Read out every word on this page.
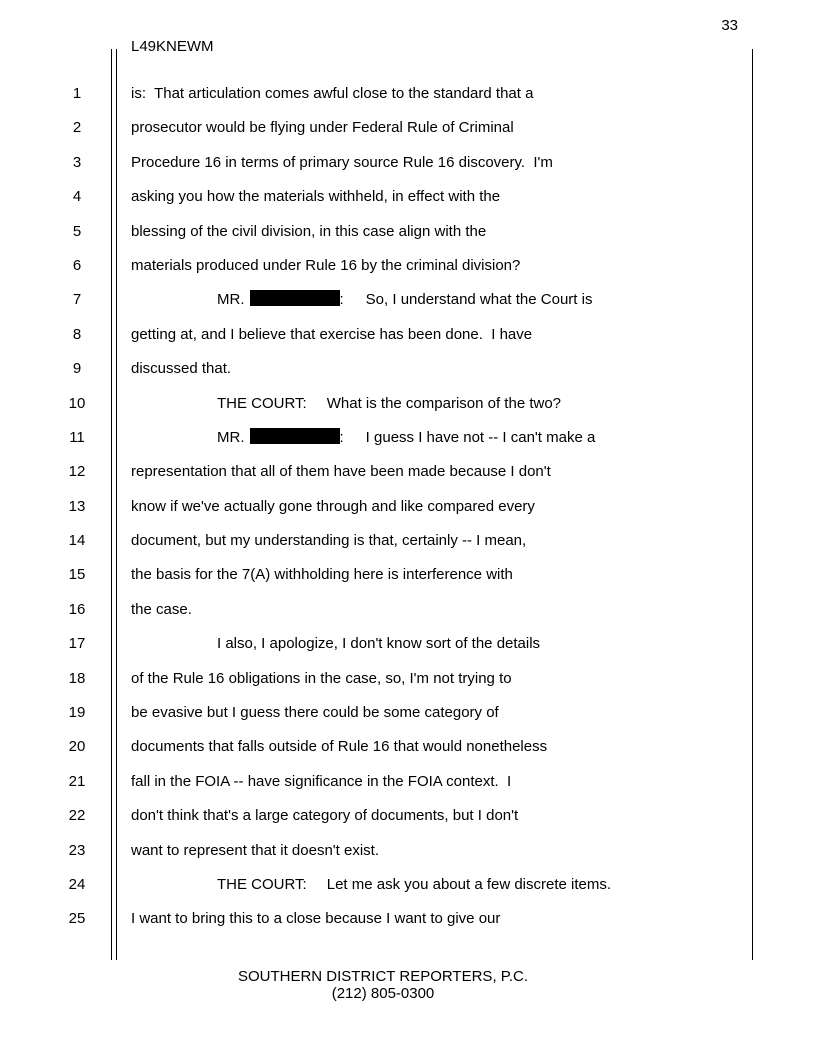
33
L49KNEWM
1	is:  That articulation comes awful close to the standard that a
2	prosecutor would be flying under Federal Rule of Criminal
3	Procedure 16 in terms of primary source Rule 16 discovery.  I'm
4	asking you how the materials withheld, in effect with the
5	blessing of the civil division, in this case align with the
6	materials produced under Rule 16 by the criminal division?
7	MR.	: So, I understand what the Court is
8	getting at, and I believe that exercise has been done.  I have
9	discussed that.
10	THE COURT: What is the comparison of the two?
11	MR.	: I guess I have not -- I can't make a
12	representation that all of them have been made because I don't
13	know if we've actually gone through and like compared every
14	document, but my understanding is that, certainly -- I mean,
15	the basis for the 7(A) withholding here is interference with
16	the case.
17	I also, I apologize, I don't know sort of the details
18	of the Rule 16 obligations in the case, so, I'm not trying to
19	be evasive but I guess there could be some category of
20	documents that falls outside of Rule 16 that would nonetheless
21	fall in the FOIA -- have significance in the FOIA context.  I
22	don't think that's a large category of documents, but I don't
23	want to represent that it doesn't exist.
24	THE COURT: Let me ask you about a few discrete items.
25	I want to bring this to a close because I want to give our
SOUTHERN DISTRICT REPORTERS, P.C.
(212) 805-0300
